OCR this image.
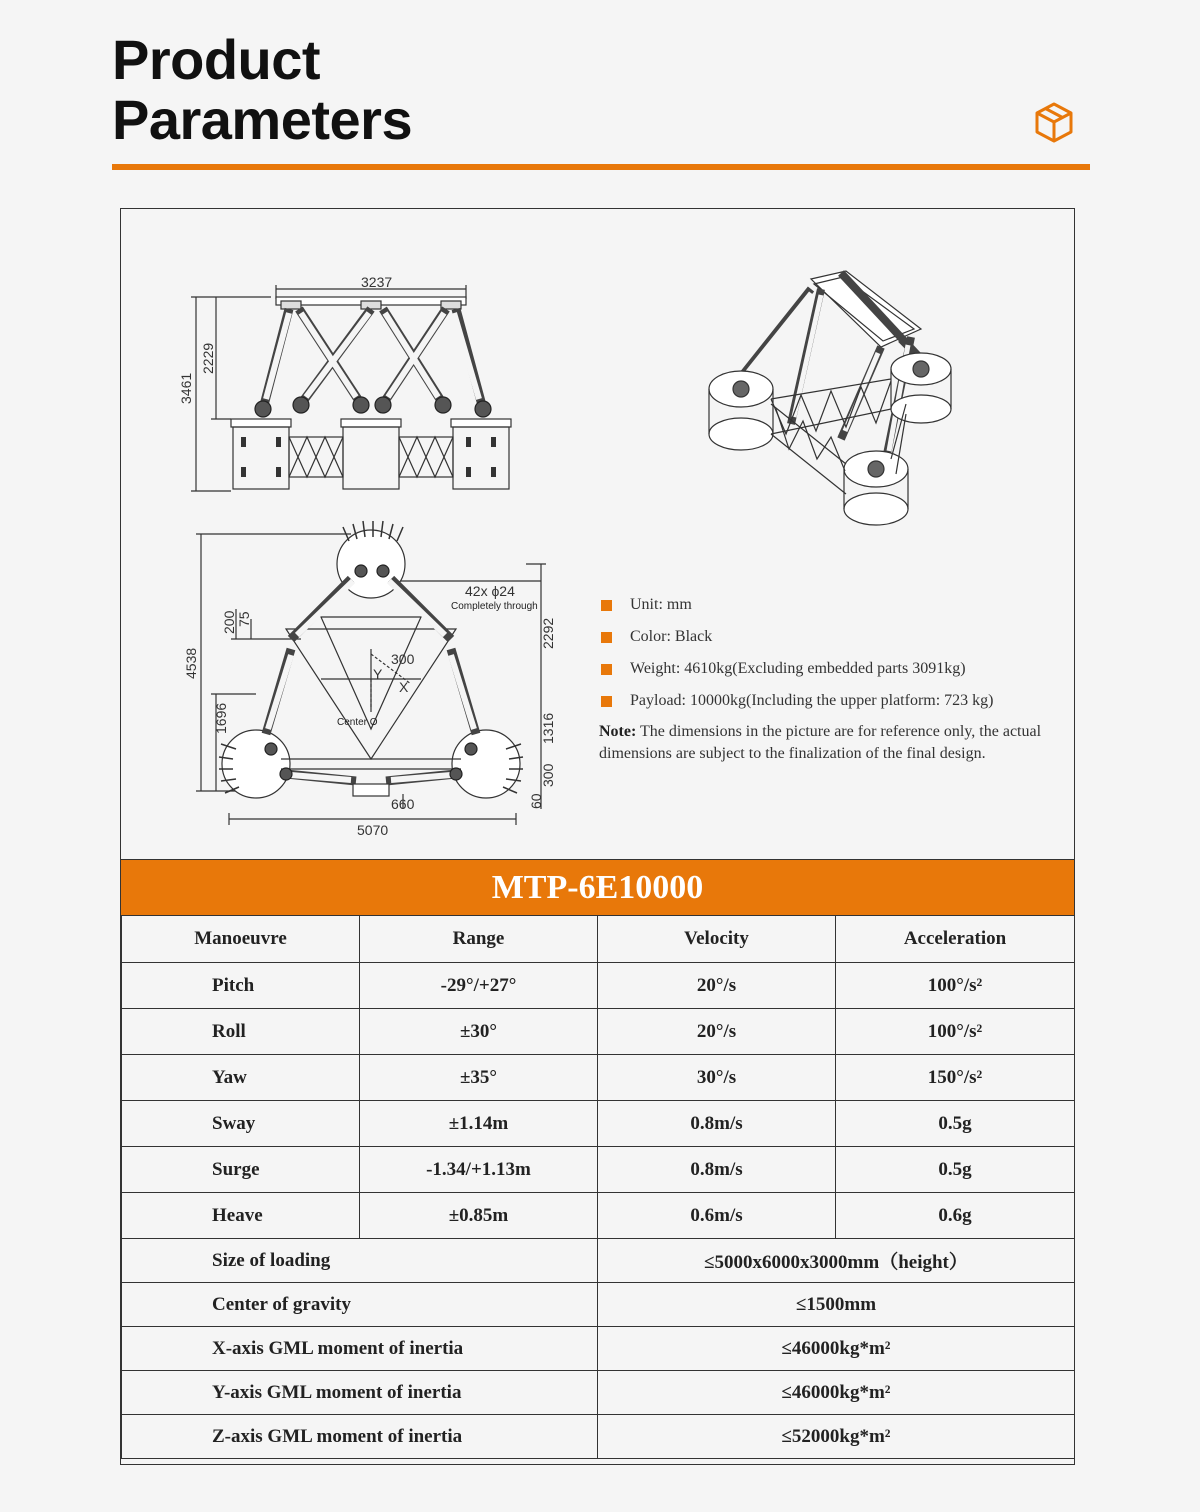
Product
Parameters
3237
3461
2229
4538
200 75
300
1696
2292
1316
300
60
660
5070
42x ϕ24
Completely through
Y
X
Center O
Unit: mm
Color: Black
Weight: 4610kg(Excluding embedded parts 3091kg)
Payload: 10000kg(Including the upper platform: 723 kg)
Note: The dimensions in the picture are for reference only, the actual dimensions are subject to the finalization of the final design.
MTP-6E10000
Manoeuvre	Range	Velocity	Acceleration
Pitch	-29°/+27°	20°/s	100°/s²
Roll	±30°	20°/s	100°/s²
Yaw	±35°	30°/s	150°/s²
Sway	±1.14m	0.8m/s	0.5g
Surge	-1.34/+1.13m	0.8m/s	0.5g
Heave	±0.85m	0.6m/s	0.6g
Size of loading		≤5000x6000x3000mm（height）	
Center of gravity		≤1500mm	
X-axis GML moment of inertia		≤46000kg*m²	
Y-axis GML moment of inertia		≤46000kg*m²	
Z-axis GML moment of inertia		≤52000kg*m²	
